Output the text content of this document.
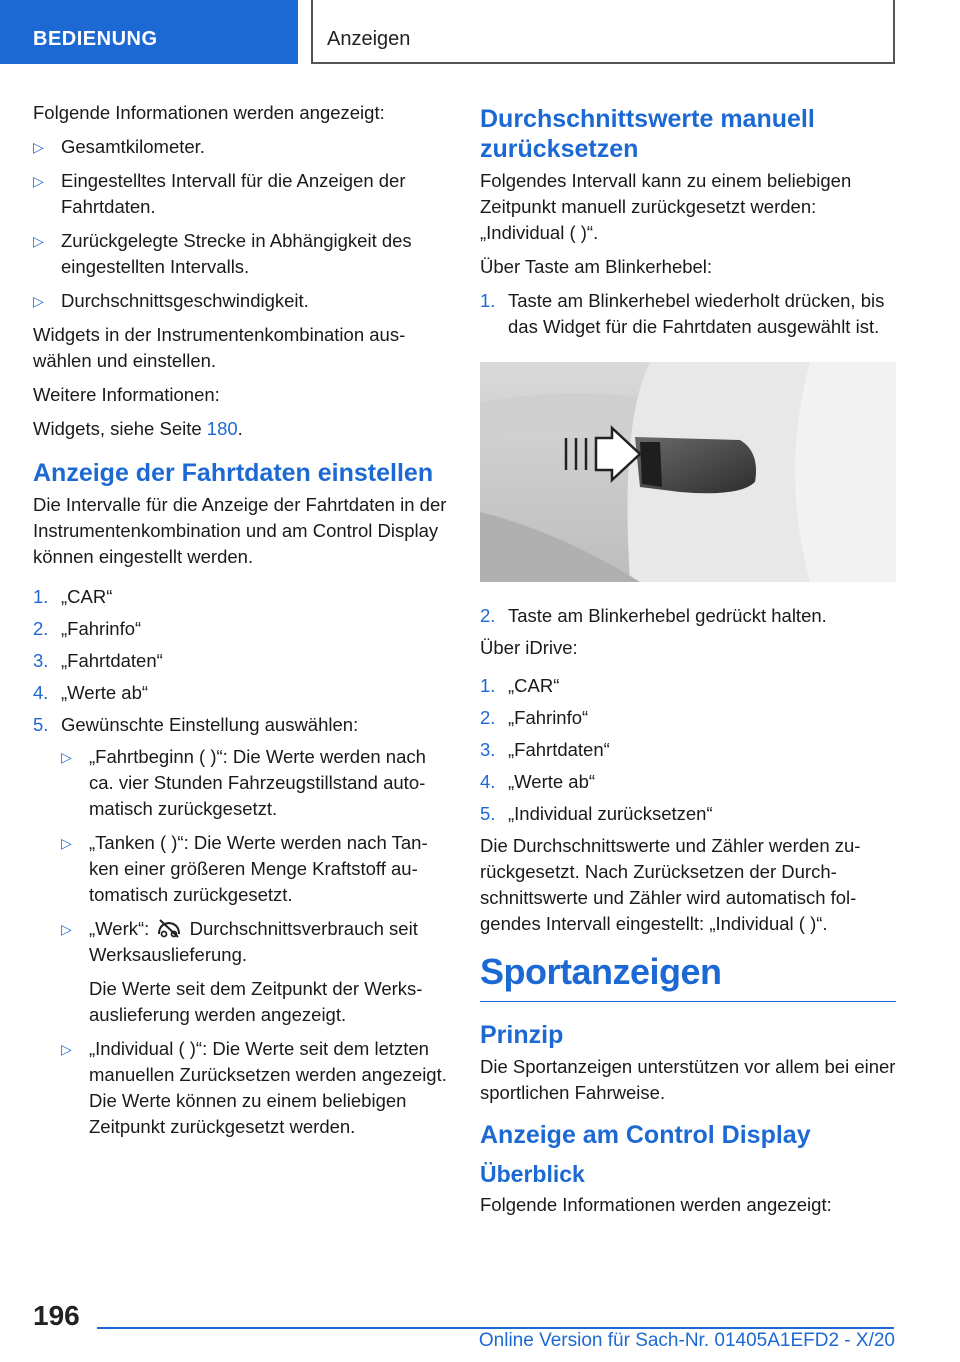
BEDIENUNG	Anzeigen

Folgende Informationen werden angezeigt:

▷ Gesamtkilometer.
▷ Eingestelltes Intervall für die Anzeigen der Fahrtdaten.
▷ Zurückgelegte Strecke in Abhängigkeit des eingestellten Intervalls.
▷ Durchschnittsgeschwindigkeit.

Widgets in der Instrumentenkombination auswählen und einstellen.

Weitere Informationen:

Widgets, siehe Seite 180.

Anzeige der Fahrtdaten einstellen

Die Intervalle für die Anzeige der Fahrtdaten in der Instrumentenkombination und am Control Display können eingestellt werden.

1. „CAR“
2. „Fahrinfo“
3. „Fahrtdaten“
4. „Werte ab“
5. Gewünschte Einstellung auswählen:
▷ „Fahrtbeginn ( )“: Die Werte werden nach ca. vier Stunden Fahrzeugstillstand automatisch zurückgesetzt.
▷ „Tanken ( )“: Die Werte werden nach Tanken einer größeren Menge Kraftstoff automatisch zurückgesetzt.
▷ „Werk“:  Durchschnittsverbrauch seit Werksauslieferung.

Die Werte seit dem Zeitpunkt der Werksauslieferung werden angezeigt.

▷ „Individual ( )“: Die Werte seit dem letzten manuellen Zurücksetzen werden angezeigt. Die Werte können zu einem beliebigen Zeitpunkt zurückgesetzt werden.
Durchschnittswerte manuell zurücksetzen

Folgendes Intervall kann zu einem beliebigen Zeitpunkt manuell zurückgesetzt werden: „Individual ( )“.

Über Taste am Blinkerhebel:

1. Taste am Blinkerhebel wiederholt drücken, bis das Widget für die Fahrtdaten ausgewählt ist.
2. Taste am Blinkerhebel gedrückt halten.

Über iDrive:

1. „CAR“
2. „Fahrinfo“
3. „Fahrtdaten“
4. „Werte ab“
5. „Individual zurücksetzen“

Die Durchschnittswerte und Zähler werden zurückgesetzt. Nach Zurücksetzen der Durchschnittswerte und Zähler wird automatisch folgendes Intervall eingestellt: „Individual ( )“.

Sportanzeigen
Prinzip

Die Sportanzeigen unterstützen vor allem bei einer sportlichen Fahrweise.

Anzeige am Control Display
Überblick

Folgende Informationen werden angezeigt:

196
Online Version für Sach-Nr. 01405A1EFD2 - X/20
